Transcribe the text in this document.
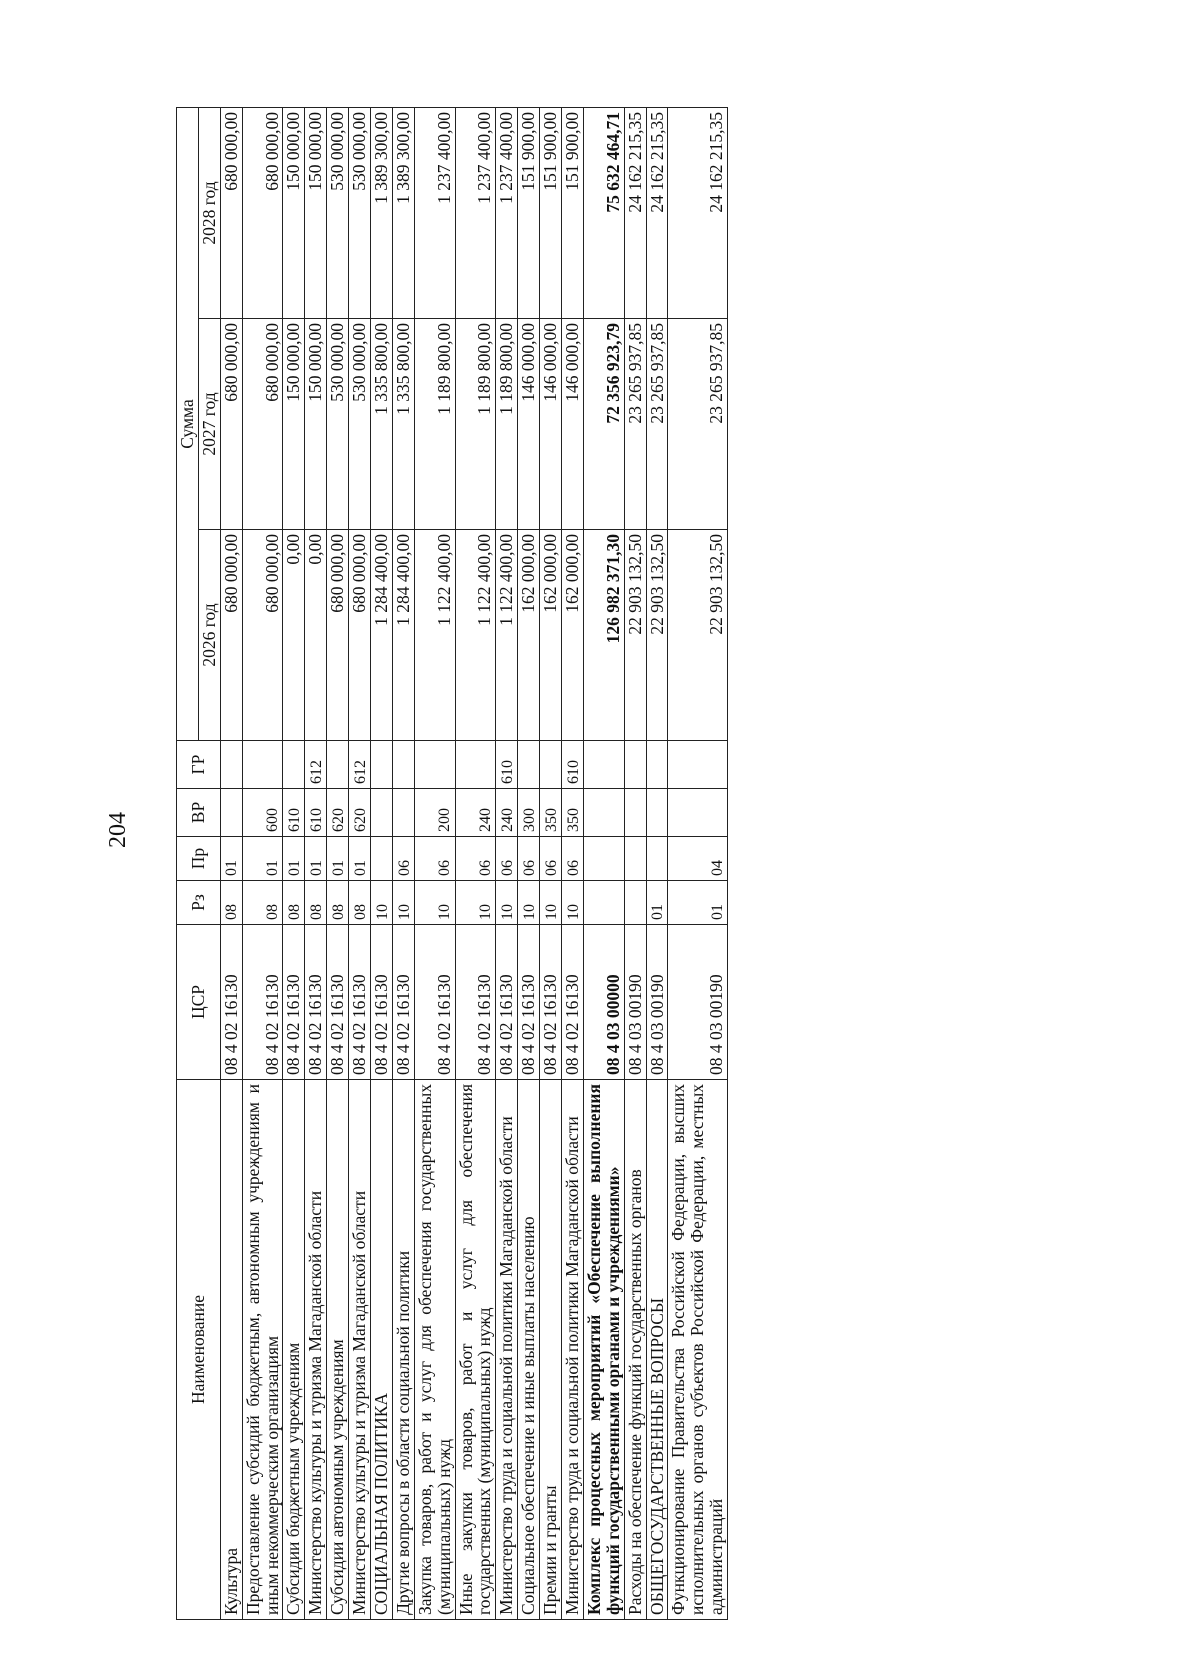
204
Наименование	ЦСР	Рз	Пр	ВР	ГР	Сумма		
						2026 год	2027 год	2028 год
Культура	08 4 02 16130	08	01			680 000,00	680 000,00	680 000,00
Предоставление субсидий бюджетным, автономным учреждениям и иным некоммерческим организациям	08 4 02 16130	08	01	600		680 000,00	680 000,00	680 000,00
Субсидии бюджетным учреждениям	08 4 02 16130	08	01	610		0,00	150 000,00	150 000,00
Министерство культуры и туризма Магаданской области	08 4 02 16130	08	01	610	612	0,00	150 000,00	150 000,00
Субсидии автономным учреждениям	08 4 02 16130	08	01	620		680 000,00	530 000,00	530 000,00
Министерство культуры и туризма Магаданской области	08 4 02 16130	08	01	620	612	680 000,00	530 000,00	530 000,00
СОЦИАЛЬНАЯ ПОЛИТИКА	08 4 02 16130	10				1 284 400,00	1 335 800,00	1 389 300,00
Другие вопросы в области социальной политики	08 4 02 16130	10	06			1 284 400,00	1 335 800,00	1 389 300,00
Закупка товаров, работ и услуг для обеспечения государственных (муниципальных) нужд	08 4 02 16130	10	06	200		1 122 400,00	1 189 800,00	1 237 400,00
Иные закупки товаров, работ и услуг для обеспечения государственных (муниципальных) нужд	08 4 02 16130	10	06	240		1 122 400,00	1 189 800,00	1 237 400,00
Министерство труда и социальной политики Магаданской области	08 4 02 16130	10	06	240	610	1 122 400,00	1 189 800,00	1 237 400,00
Социальное обеспечение и иные выплаты населению	08 4 02 16130	10	06	300		162 000,00	146 000,00	151 900,00
Премии и гранты	08 4 02 16130	10	06	350		162 000,00	146 000,00	151 900,00
Министерство труда и социальной политики Магаданской области	08 4 02 16130	10	06	350	610	162 000,00	146 000,00	151 900,00
Комплекс процессных мероприятий «Обеспечение выполнения функций государственными органами и учреждениями»	08 4 03 00000					126 982 371,30	72 356 923,79	75 632 464,71
Расходы на обеспечение функций государственных органов	08 4 03 00190					22 903 132,50	23 265 937,85	24 162 215,35
ОБЩЕГОСУДАРСТВЕННЫЕ ВОПРОСЫ	08 4 03 00190	01				22 903 132,50	23 265 937,85	24 162 215,35
Функционирование Правительства Российской Федерации, высших исполнительных органов субъектов Российской Федерации, местных администраций	08 4 03 00190	01	04			22 903 132,50	23 265 937,85	24 162 215,35
